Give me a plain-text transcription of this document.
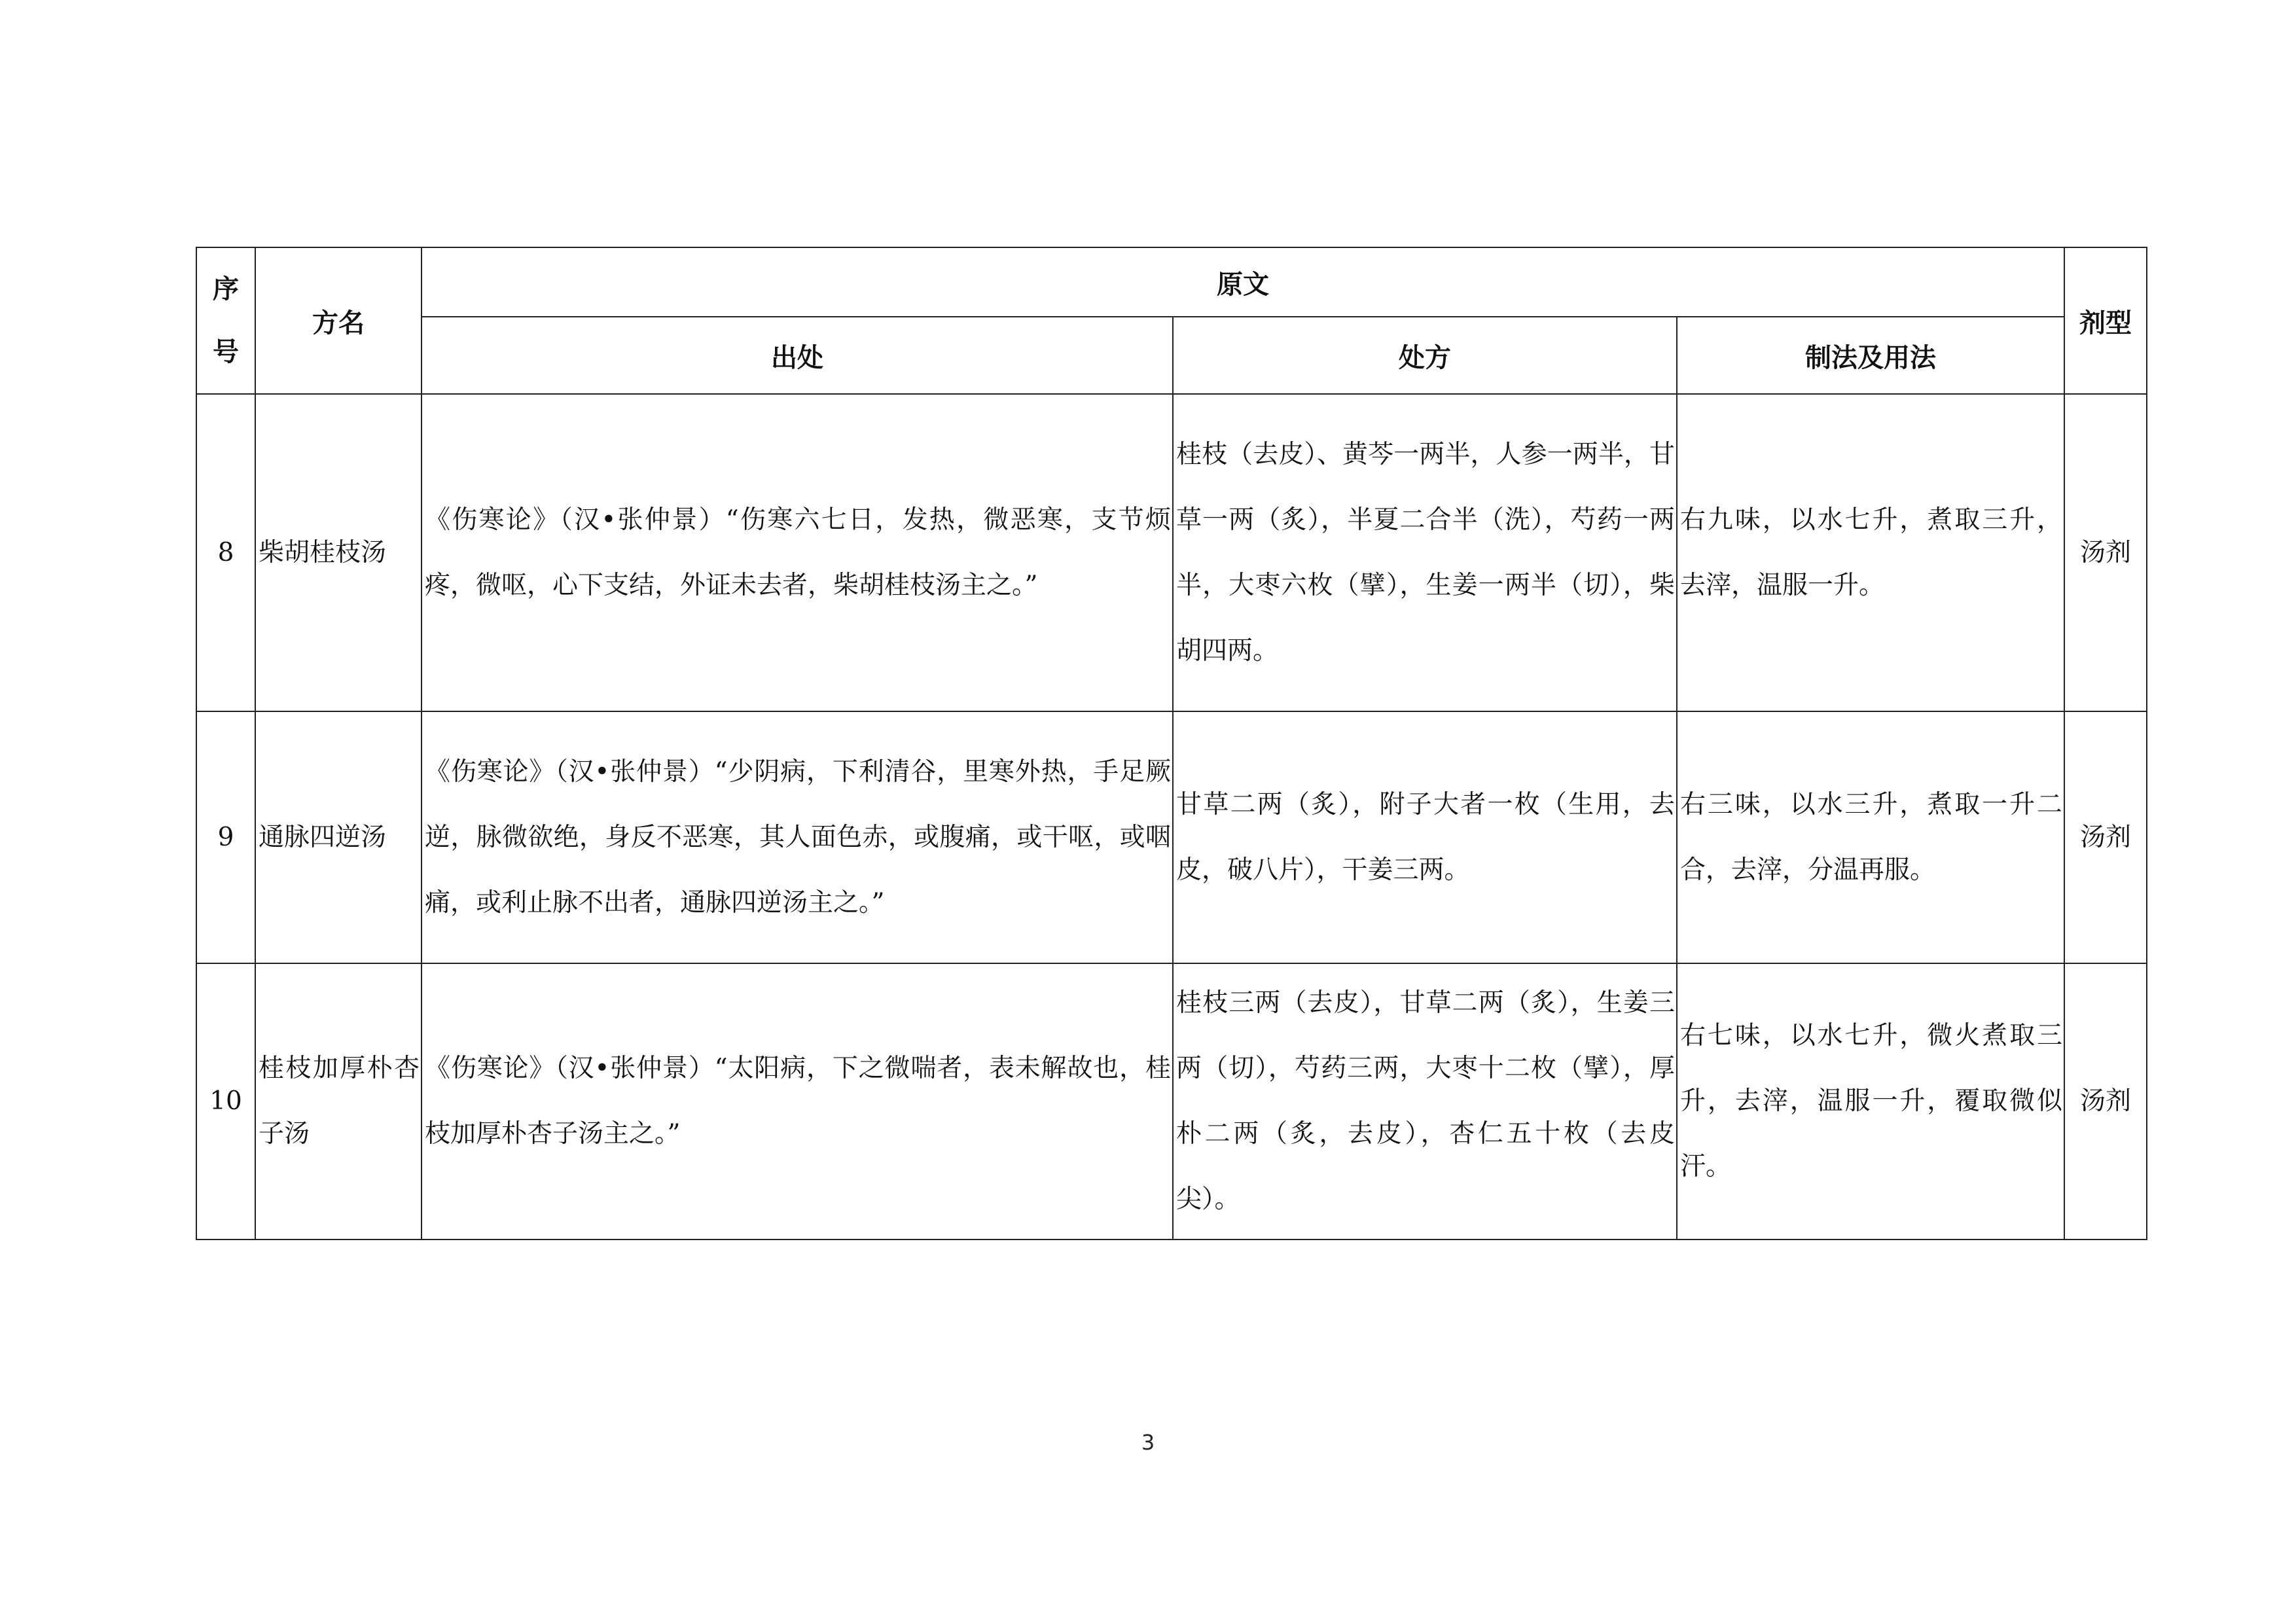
序
号	方名	原文			剂型
		出处	处方	制法及用法	
8	柴胡桂枝汤	《伤寒论》（汉•张仲景）“伤寒六七日，发热，微恶寒，支节烦疼，微呕，心下支结，外证未去者，柴胡桂枝汤主之。”	桂枝（去皮）、黄芩一两半，人参一两半，甘草一两（炙），半夏二合半（洗），芍药一两半，大枣六枚（擘），生姜一两半（切），柴胡四两。	右九味，以水七升，煮取三升，去滓，温服一升。	汤剂
9	通脉四逆汤	《伤寒论》（汉•张仲景）“少阴病，下利清谷，里寒外热，手足厥逆，脉微欲绝，身反不恶寒，其人面色赤，或腹痛，或干呕，或咽痛，或利止脉不出者，通脉四逆汤主之。”	甘草二两（炙），附子大者一枚（生用，去皮，破八片），干姜三两。	右三味，以水三升，煮取一升二合，去滓，分温再服。	汤剂
10	桂枝加厚朴杏子汤	《伤寒论》（汉•张仲景）“太阳病，下之微喘者，表未解故也，桂枝加厚朴杏子汤主之。”	桂枝三两（去皮），甘草二两（炙），生姜三两（切），芍药三两，大枣十二枚（擘），厚朴二两（炙，去皮），杏仁五十枚（去皮尖）。	右七味，以水七升，微火煮取三升，去滓，温服一升，覆取微似汗。	汤剂
3
